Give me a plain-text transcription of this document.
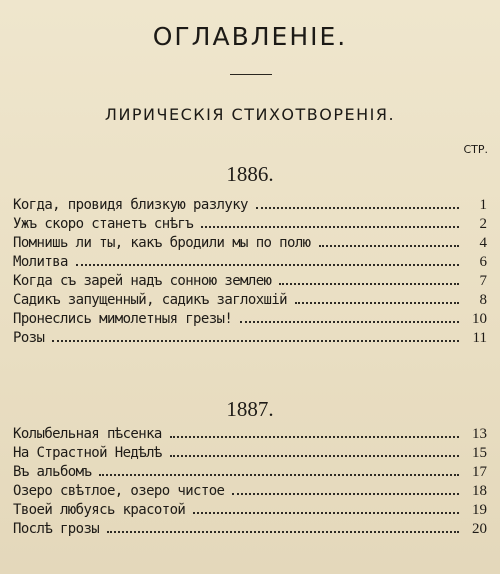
ОГЛАВЛЕНІЕ.
ЛИРИЧЕСКІЯ СТИХОТВОРЕНІЯ.
СТР.
1886.
Когда, провидя близкую разлуку	1
Ужъ скоро станетъ снѣгъ	2
Помнишь ли ты, какъ бродили мы по полю	4
Молитва	6
Когда съ зарей надъ сонною землею	7
Садикъ запущенный, садикъ заглохшій	8
Пронеслись мимолетныя грезы!	10
Розы	11
1887.
Колыбельная пѣсенка	13
На Страстной Недѣлѣ	15
Въ альбомъ	17
Озеро свѣтлое, озеро чистое	18
Твоей любуясь красотой	19
Послѣ грозы	20
